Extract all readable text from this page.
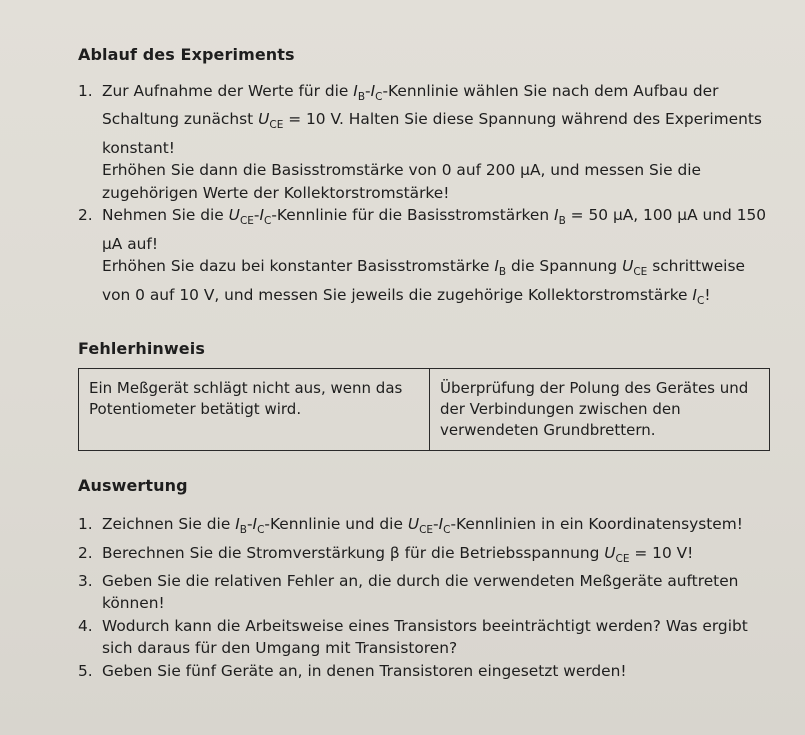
Ablauf des Experiments
1. Zur Aufnahme der Werte für die $I_B-I_C$-Kennlinie wählen Sie nach dem Aufbau der Schaltung zunächst $U_{CE} = 10$ V. Halten Sie diese Spannung während des Experiments konstant!

Erhöhen Sie dann die Basisstromstärke von 0 auf 200 μA, und messen Sie die zugehörigen Werte der Kollektorstromstärke!

2. Nehmen Sie die $U_{CE}-I_C$-Kennlinie für die Basisstromstärken $I_B = 50$ μA, 100 μA und 150 μA auf!

Erhöhen Sie dazu bei konstanter Basisstromstärke $I_B$ die Spannung $U_{CE}$ schrittweise von 0 auf 10 V, und messen Sie jeweils die zugehörige Kollektorstromstärke $I_C$!

Fehlerhinweis
Ein Meßgerät schlägt nicht aus, wenn das Potentiometer betätigt wird.	Überprüfung der Polung des Gerätes und der Verbindungen zwischen den verwendeten Grundbrettern.
Auswertung
1. Zeichnen Sie die $I_B-I_C$-Kennlinie und die $U_{CE}-I_C$-Kennlinien in ein Koordinatensystem!

2. Berechnen Sie die Stromverstärkung β für die Betriebsspannung $U_{CE} = 10$ V!

3. Geben Sie die relativen Fehler an, die durch die verwendeten Meßgeräte auftreten können!

4. Wodurch kann die Arbeitsweise eines Transistors beeinträchtigt werden? Was ergibt sich daraus für den Umgang mit Transistoren?

5. Geben Sie fünf Geräte an, in denen Transistoren eingesetzt werden!
